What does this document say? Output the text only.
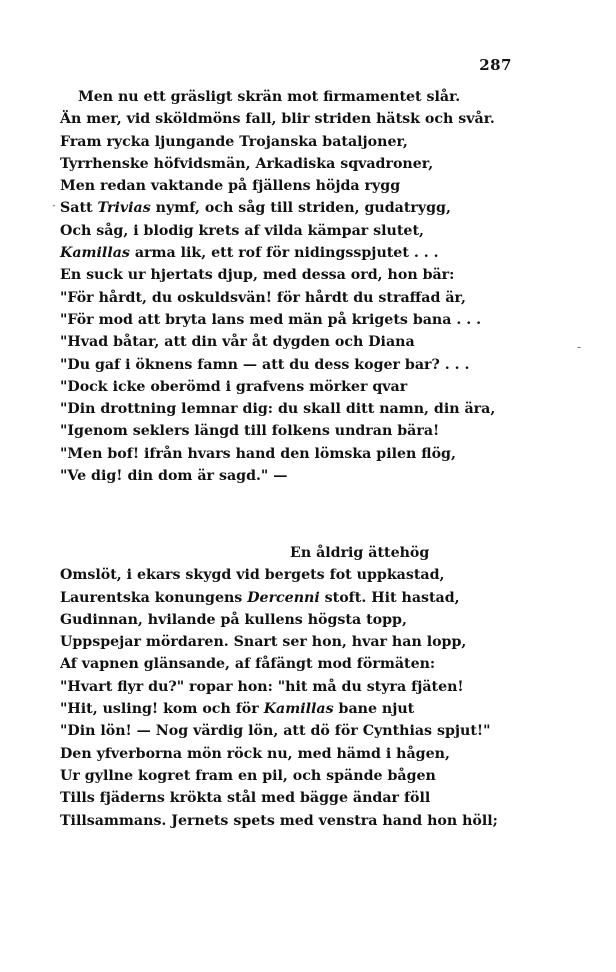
287
Men nu ett gräsligt skrän mot firmamentet slår.
Än mer, vid sköldmöns fall, blir striden hätsk och svår.
Fram rycka ljungande Trojanska bataljoner,
Tyrrhenske höfvidsmän, Arkadiska sqvadroner,
Men redan vaktande på fjällens höjda rygg
Satt Trivias nymf, och såg till striden, gudatrygg,
Och såg, i blodig krets af vilda kämpar slutet,
Kamillas arma lik, ett rof för nidingsspjutet . . .
En suck ur hjertats djup, med dessa ord, hon bär:
"För hårdt, du oskuldsvän! för hårdt du straffad är,
"För mod att bryta lans med män på krigets bana . . .
"Hvad båtar, att din vår åt dygden och Diana
"Du gaf i öknens famn — att du dess koger bar? . . .
"Dock icke oberömd i grafvens mörker qvar
"Din drottning lemnar dig: du skall ditt namn, din ära,
"Igenom seklers längd till folkens undran bära!
"Men bof! ifrån hvars hand den lömska pilen flög,
"Ve dig! din dom är sagd." —
En åldrig ättehög
Omslöt, i ekars skygd vid bergets fot uppkastad,
Laurentska konungens Dercenni stoft. Hit hastad,
Gudinnan, hvilande på kullens högsta topp,
Uppspejar mördaren. Snart ser hon, hvar han lopp,
Af vapnen glänsande, af fåfängt mod förmäten:
"Hvart flyr du?" ropar hon: "hit må du styra fjäten!
"Hit, usling! kom och för Kamillas bane njut
"Din lön! — Nog värdig lön, att dö för Cynthias spjut!"
Den yfverborna mön röck nu, med hämd i hågen,
Ur gyllne kogret fram en pil, och spände bågen
Tills fjäderns krökta stål med bägge ändar föll
Tillsammans. Jernets spets med venstra hand hon höll;
·
-
